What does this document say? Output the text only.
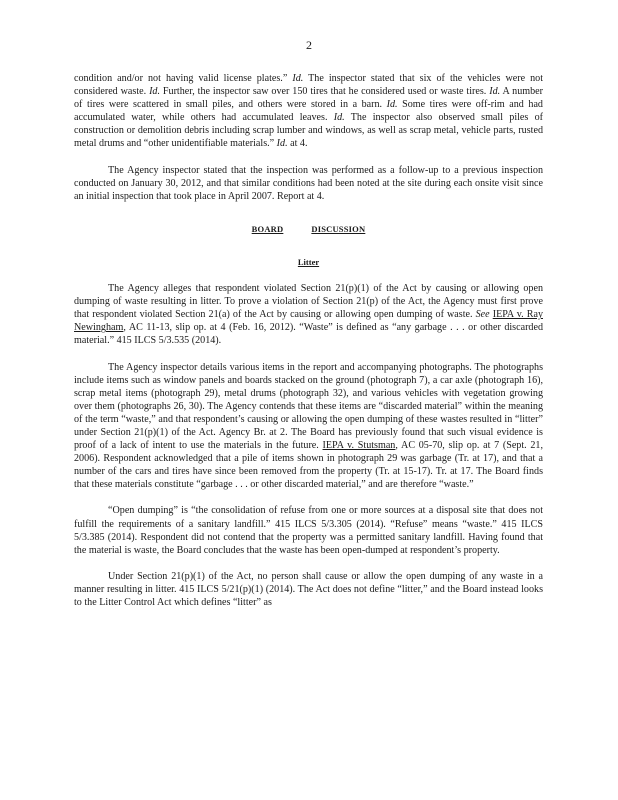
2

condition and/or not having valid license plates.” Id. The inspector stated that six of the vehicles were not considered waste. Id. Further, the inspector saw over 150 tires that he considered used or waste tires. Id. A number of tires were scattered in small piles, and others were stored in a barn. Id. Some tires were off-rim and had accumulated water, while others had accumulated leaves. Id. The inspector also observed small piles of construction or demolition debris including scrap lumber and windows, as well as scrap metal, vehicle parts, rusted metal drums and “other unidentifiable materials.” Id. at 4.

The Agency inspector stated that the inspection was performed as a follow-up to a previous inspection conducted on January 30, 2012, and that similar conditions had been noted at the site during each onsite visit since an initial inspection that took place in April 2007. Report at 4.

BOARD	DISCUSSION
Litter

The Agency alleges that respondent violated Section 21(p)(1) of the Act by causing or allowing open dumping of waste resulting in litter. To prove a violation of Section 21(p) of the Act, the Agency must first prove that respondent violated Section 21(a) of the Act by causing or allowing open dumping of waste. See IEPA v. Ray Newingham, AC 11-13, slip op. at 4 (Feb. 16, 2012). “Waste” is defined as “any garbage . . . or other discarded material.” 415 ILCS 5/3.535 (2014).

The Agency inspector details various items in the report and accompanying photographs. The photographs include items such as window panels and boards stacked on the ground (photograph 7), a car axle (photograph 16), scrap metal items (photograph 29), metal drums (photograph 32), and various vehicles with vegetation growing over them (photographs 26, 30). The Agency contends that these items are “discarded material” within the meaning of the term “waste,” and that respondent’s causing or allowing the open dumping of these wastes resulted in “litter” under Section 21(p)(1) of the Act. Agency Br. at 2. The Board has previously found that such visual evidence is proof of a lack of intent to use the materials in the future. IEPA v. Stutsman, AC 05-70, slip op. at 7 (Sept. 21, 2006). Respondent acknowledged that a pile of items shown in photograph 29 was garbage (Tr. at 17), and that a number of the cars and tires have since been removed from the property (Tr. at 15-17). Tr. at 17. The Board finds that these materials constitute “garbage . . . or other discarded material,” and are therefore “waste.”

“Open dumping” is “the consolidation of refuse from one or more sources at a disposal site that does not fulfill the requirements of a sanitary landfill.” 415 ILCS 5/3.305 (2014). “Refuse” means “waste.” 415 ILCS 5/3.385 (2014). Respondent did not contend that the property was a permitted sanitary landfill. Having found that the material is waste, the Board concludes that the waste has been open-dumped at respondent’s property.

Under Section 21(p)(1) of the Act, no person shall cause or allow the open dumping of any waste in a manner resulting in litter. 415 ILCS 5/21(p)(1) (2014). The Act does not define “litter,” and the Board instead looks to the Litter Control Act which defines “litter” as
